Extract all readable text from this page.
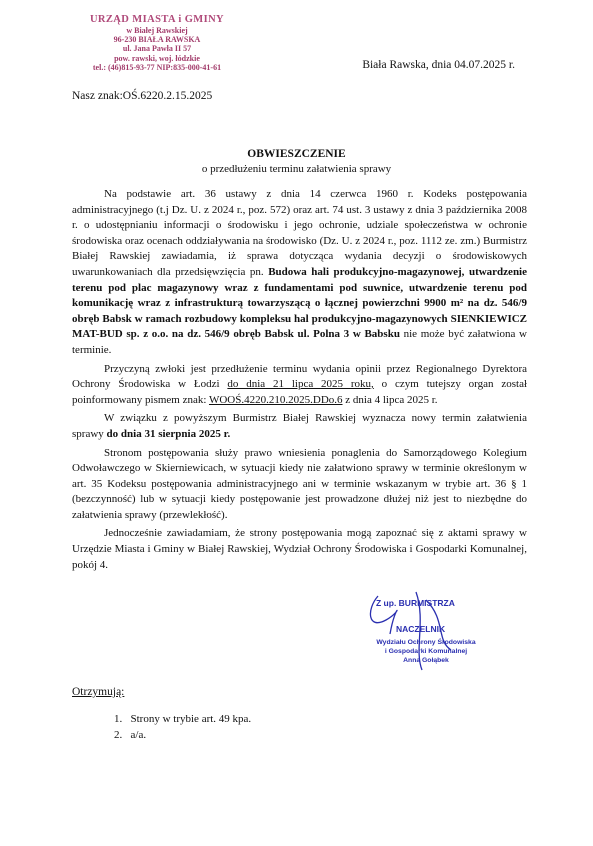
URZĄD MIASTA i GMINY
w Białej Rawskiej
96-230 BIAŁA RAWSKA
ul. Jana Pawła II 57
pow. rawski, woj. łódzkie
tel.: (46)815-93-77 NIP:835-000-41-61	Biała Rawska, dnia 04.07.2025 r.
Nasz znak:OŚ.6220.2.15.2025
OBWIESZCZENIE
o przedłużeniu terminu załatwienia sprawy

Na podstawie art. 36 ustawy z dnia 14 czerwca 1960 r. Kodeks postępowania administracyjnego (t.j Dz. U. z 2024 r., poz. 572) oraz art. 74 ust. 3 ustawy z dnia 3 października 2008 r. o udostępnianiu informacji o środowisku i jego ochronie, udziale społeczeństwa w ochronie środowiska oraz ocenach oddziaływania na środowisko (Dz. U. z 2024 r., poz. 1112 ze. zm.) Burmistrz Białej Rawskiej zawiadamia, iż sprawa dotycząca wydania decyzji o środowiskowych uwarunkowaniach dla przedsięwzięcia pn. Budowa hali produkcyjno-magazynowej, utwardzenie terenu pod plac magazynowy wraz z fundamentami pod suwnice, utwardzenie terenu pod komunikację wraz z infrastrukturą towarzyszącą o łącznej powierzchni 9900 m² na dz. 546/9 obręb Babsk w ramach rozbudowy kompleksu hal produkcyjno-magazynowych SIENKIEWICZ MAT-BUD sp. z o.o. na dz. 546/9 obręb Babsk ul. Polna 3 w Babsku nie może być załatwiona w terminie.

Przyczyną zwłoki jest przedłużenie terminu wydania opinii przez Regionalnego Dyrektora Ochrony Środowiska w Łodzi do dnia 21 lipca 2025 roku, o czym tutejszy organ został poinformowany pismem znak: WOOŚ.4220.210.2025.DDo.6 z dnia 4 lipca 2025 r.

W związku z powyższym Burmistrz Białej Rawskiej wyznacza nowy termin załatwienia sprawy do dnia 31 sierpnia 2025 r.

Stronom postępowania służy prawo wniesienia ponaglenia do Samorządowego Kolegium Odwoławczego w Skierniewicach, w sytuacji kiedy nie załatwiono sprawy w terminie określonym w art. 35 Kodeksu postępowania administracyjnego ani w terminie wskazanym w trybie art. 36 § 1 (bezczynność) lub w sytuacji kiedy postępowanie jest prowadzone dłużej niż jest to niezbędne do załatwienia sprawy (przewlekłość).

Jednocześnie zawiadamiam, że strony postępowania mogą zapoznać się z aktami sprawy w Urzędzie Miasta i Gminy w Białej Rawskiej, Wydział Ochrony Środowiska i Gospodarki Komunalnej, pokój 4.

Z up. BURMISTRZA
NACZELNIK
Wydziału Ochrony Środowiska
i Gospodarki Komunalnej
Anna Gołąbek
Otrzymują:
1. Strony w trybie art. 49 kpa.
2. a/a.
